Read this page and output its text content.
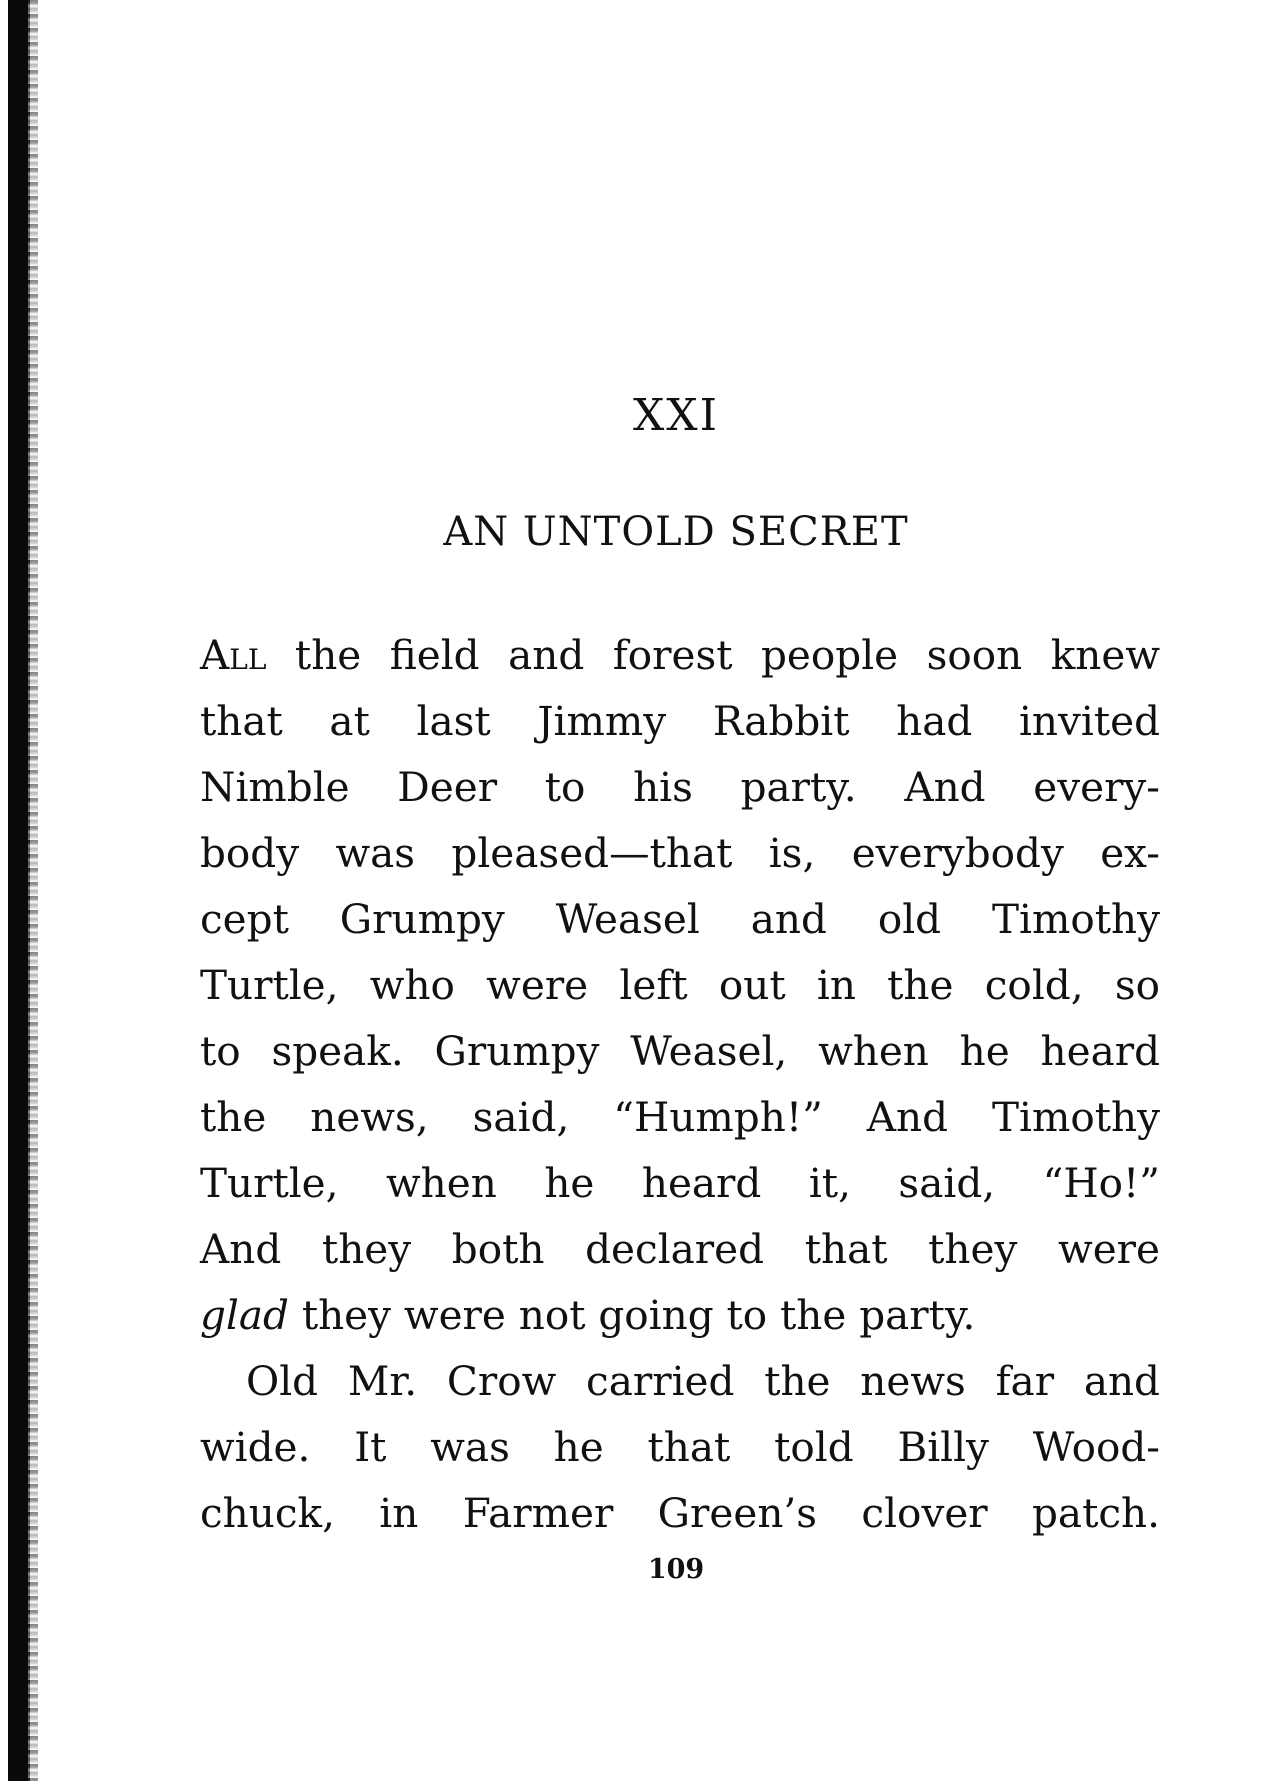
XXI
AN UNTOLD SECRET
All the field and forest people soon knew
that at last Jimmy Rabbit had invited
Nimble Deer to his party. And every-
body was pleased—that is, everybody ex-
cept Grumpy Weasel and old Timothy
Turtle, who were left out in the cold, so
to speak. Grumpy Weasel, when he heard
the news, said, “Humph!” And Timothy
Turtle, when he heard it, said, “Ho!”
And they both declared that they were
glad they were not going to the party.
Old Mr. Crow carried the news far and
wide. It was he that told Billy Wood-
chuck, in Farmer Green’s clover patch.
109
